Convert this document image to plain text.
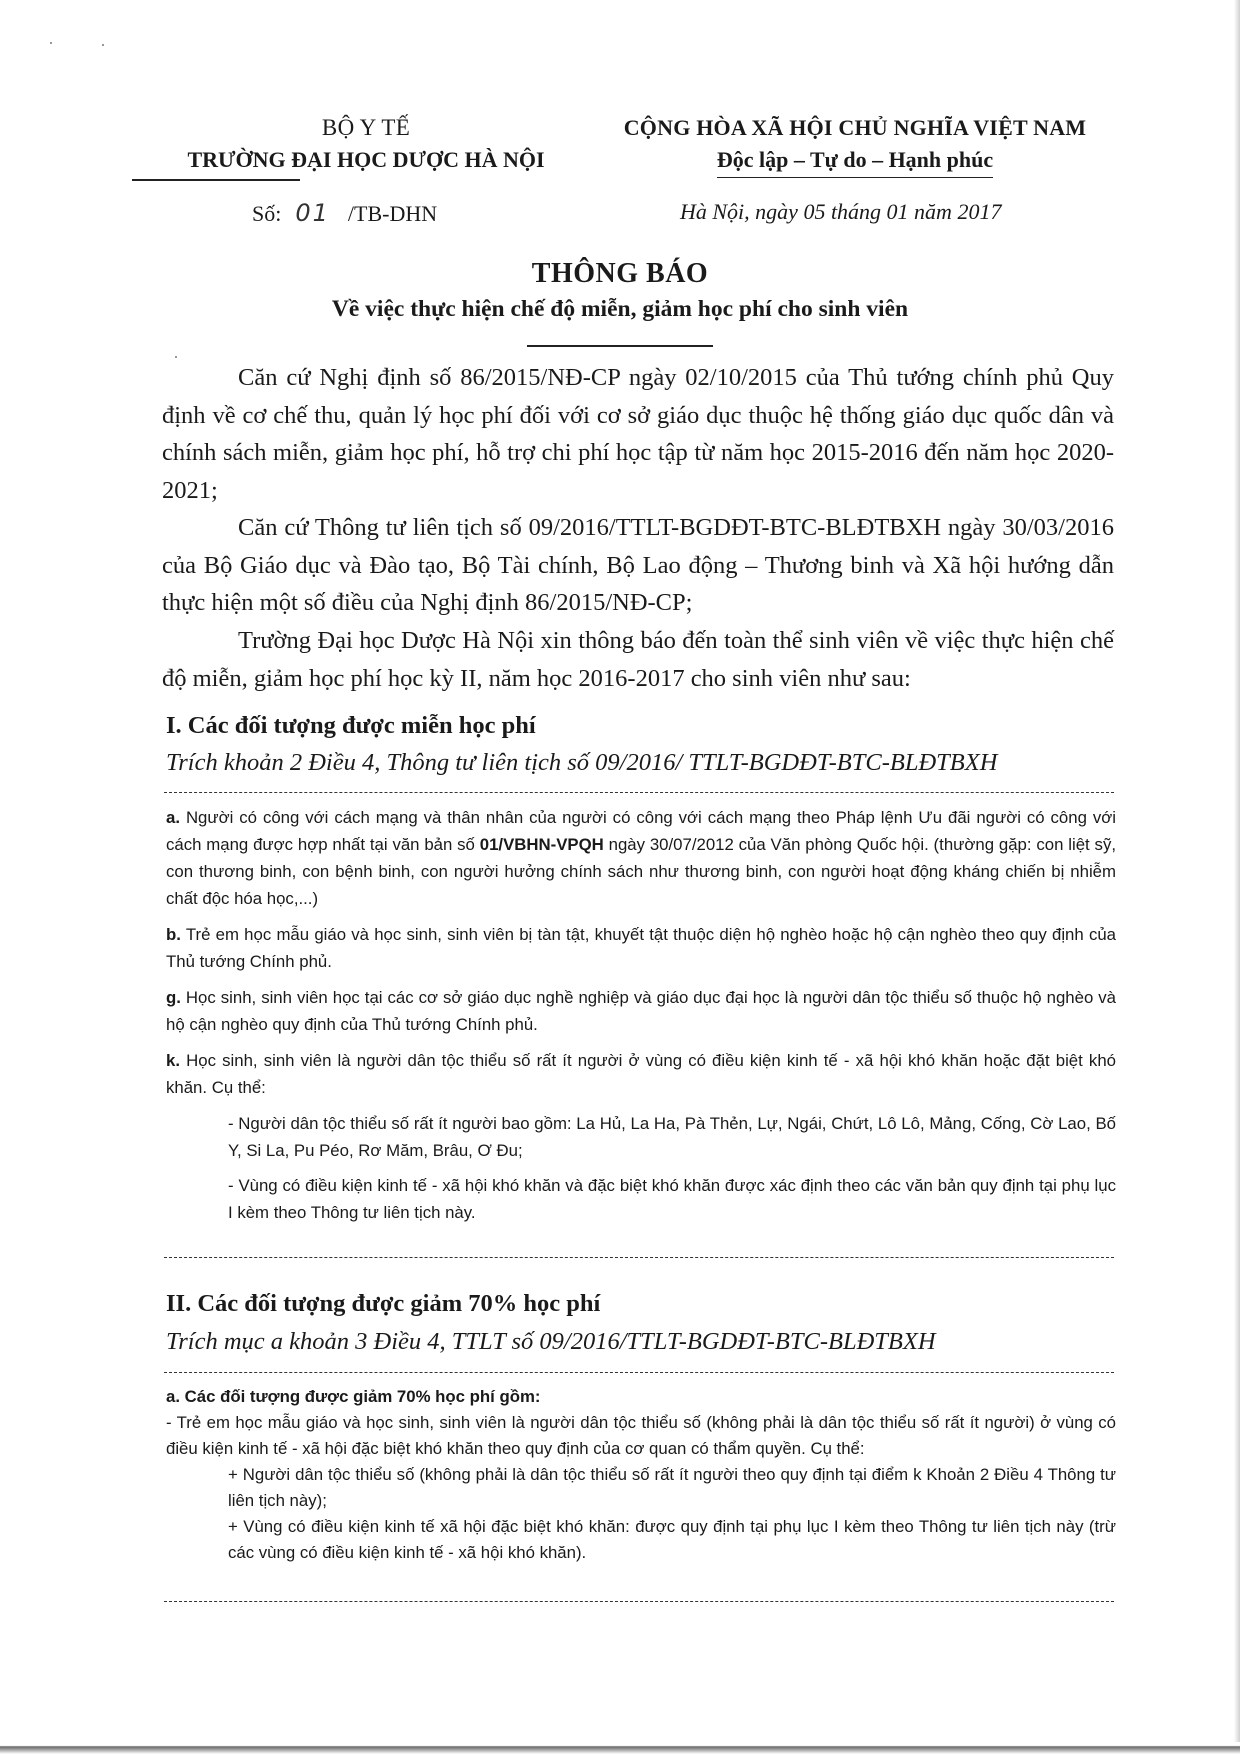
BỘ Y TẾ
TRƯỜNG ĐẠI HỌC DƯỢC HÀ NỘI
CỘNG HÒA XÃ HỘI CHỦ NGHĨA VIỆT NAM
Độc lập – Tự do – Hạnh phúc
Số: 01 /TB-DHN	Hà Nội, ngày 05 tháng 01 năm 2017
THÔNG BÁO
Về việc thực hiện chế độ miễn, giảm học phí cho sinh viên
Căn cứ Nghị định số 86/2015/NĐ-CP ngày 02/10/2015 của Thủ tướng chính phủ Quy định về cơ chế thu, quản lý học phí đối với cơ sở giáo dục thuộc hệ thống giáo dục quốc dân và chính sách miễn, giảm học phí, hỗ trợ chi phí học tập từ năm học 2015-2016 đến năm học 2020-2021;
Căn cứ Thông tư liên tịch số 09/2016/TTLT-BGDĐT-BTC-BLĐTBXH ngày 30/03/2016 của Bộ Giáo dục và Đào tạo, Bộ Tài chính, Bộ Lao động – Thương binh và Xã hội hướng dẫn thực hiện một số điều của Nghị định 86/2015/NĐ-CP;
Trường Đại học Dược Hà Nội xin thông báo đến toàn thể sinh viên về việc thực hiện chế độ miễn, giảm học phí học kỳ II, năm học 2016-2017 cho sinh viên như sau:
I. Các đối tượng được miễn học phí
Trích khoản 2 Điều 4, Thông tư liên tịch số 09/2016/ TTLT-BGDĐT-BTC-BLĐTBXH
a. Người có công với cách mạng và thân nhân của người có công với cách mạng theo Pháp lệnh Ưu đãi người có công với cách mạng được hợp nhất tại văn bản số 01/VBHN-VPQH ngày 30/07/2012 của Văn phòng Quốc hội. (thường gặp: con liệt sỹ, con thương binh, con bệnh binh, con người hưởng chính sách như thương binh, con người hoạt động kháng chiến bị nhiễm chất độc hóa học,...)
b. Trẻ em học mẫu giáo và học sinh, sinh viên bị tàn tật, khuyết tật thuộc diện hộ nghèo hoặc hộ cận nghèo theo quy định của Thủ tướng Chính phủ.
g. Học sinh, sinh viên học tại các cơ sở giáo dục nghề nghiệp và giáo dục đại học là người dân tộc thiểu số thuộc hộ nghèo và hộ cận nghèo quy định của Thủ tướng Chính phủ.
k. Học sinh, sinh viên là người dân tộc thiểu số rất ít người ở vùng có điều kiện kinh tế - xã hội khó khăn hoặc đặt biệt khó khăn. Cụ thể:
- Người dân tộc thiểu số rất ít người bao gồm: La Hủ, La Ha, Pà Thẻn, Lự, Ngái, Chứt, Lô Lô, Mảng, Cống, Cờ Lao, Bố Y, Si La, Pu Péo, Rơ Măm, Brâu, Ơ Đu;
- Vùng có điều kiện kinh tế - xã hội khó khăn và đặc biệt khó khăn được xác định theo các văn bản quy định tại phụ lục I kèm theo Thông tư liên tịch này.
II. Các đối tượng được giảm 70% học phí
Trích mục a khoản 3 Điều 4, TTLT số 09/2016/TTLT-BGDĐT-BTC-BLĐTBXH
a. Các đối tượng được giảm 70% học phí gồm:
- Trẻ em học mẫu giáo và học sinh, sinh viên là người dân tộc thiểu số (không phải là dân tộc thiểu số rất ít người) ở vùng có điều kiện kinh tế - xã hội đặc biệt khó khăn theo quy định của cơ quan có thẩm quyền. Cụ thể:
+ Người dân tộc thiểu số (không phải là dân tộc thiểu số rất ít người theo quy định tại điểm k Khoản 2 Điều 4 Thông tư liên tịch này);
+ Vùng có điều kiện kinh tế xã hội đặc biệt khó khăn: được quy định tại phụ lục I kèm theo Thông tư liên tịch này (trừ các vùng có điều kiện kinh tế - xã hội khó khăn).
